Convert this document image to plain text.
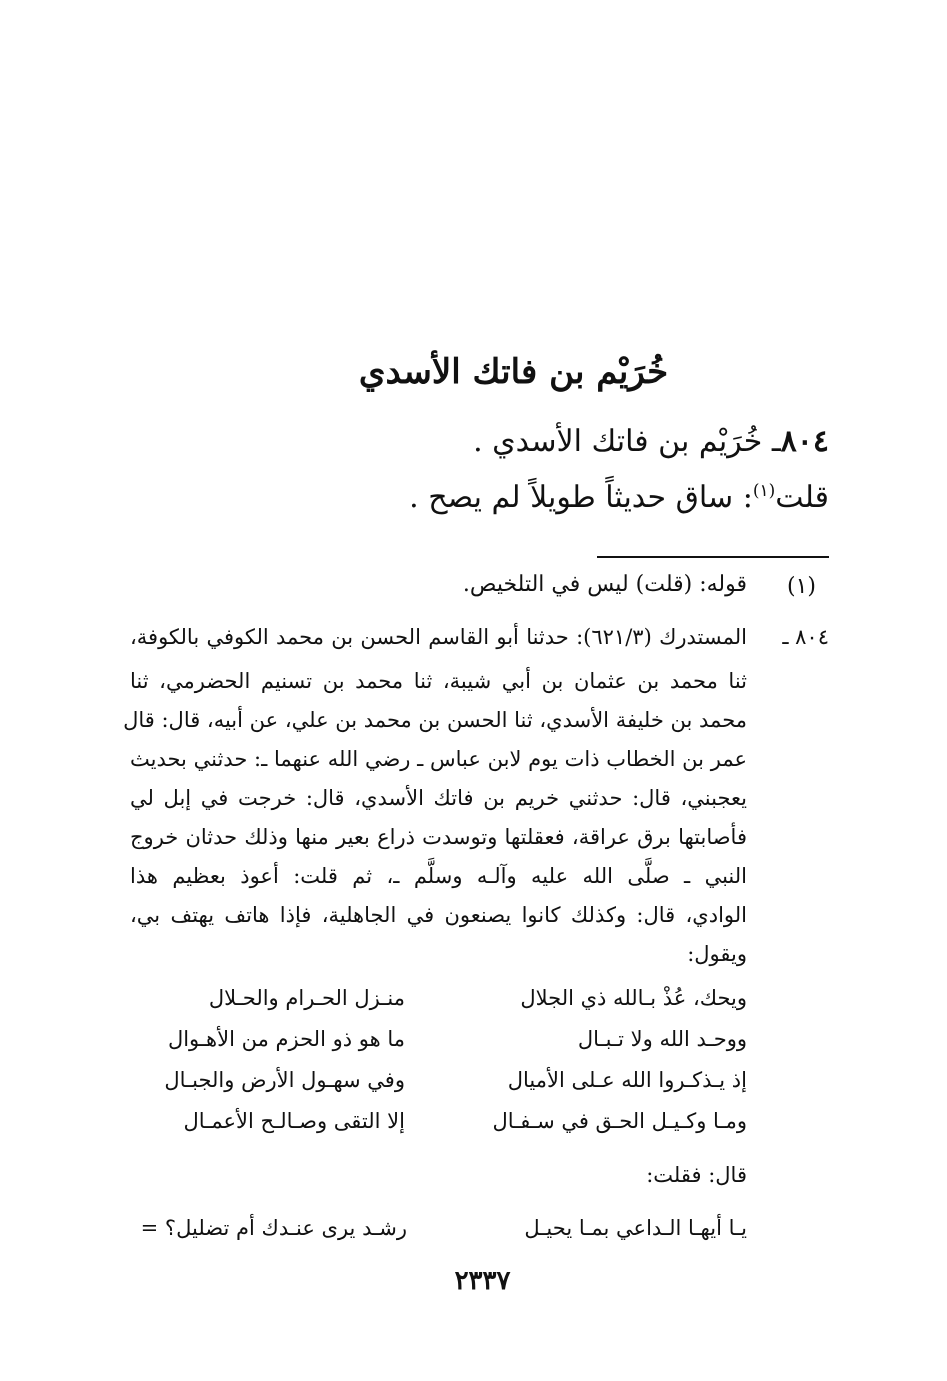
خُرَيْم بن فاتك الأسدي
٨٠٤ـ خُرَيْم بن فاتك الأسدي .
قلت$^{(١)}$: ساق حديثاً طويلاً لم يصح .
(١)
قوله: (قلت) ليس في التلخيص.
٨٠٤ ـ
المستدرك (٦٢١/٣): حدثنا أبو القاسم الحسن بن محمد الكوفي بالكوفة،
ثنا محمد بن عثمان بن أبي شيبة، ثنا محمد بن تسنيم الحضرمي، ثنا
محمد بن خليفة الأسدي، ثنا الحسن بن محمد بن علي، عن أبيه، قال: قال
عمر بن الخطاب ذات يوم لابن عباس ـ رضي الله عنهما ـ: حدثني بحديث
يعجبني، قال: حدثني خريم بن فاتك الأسدي، قال: خرجت في إبل لي
فأصابتها برق عراقة، فعقلتها وتوسدت ذراع بعير منها وذلك حدثان خروج
النبي ـ صلَّى الله عليه وآلـه وسلَّم ـ، ثم قلت: أعوذ بعظيم هذا
الوادي، قال: وكذلك كانوا يصنعون في الجاهلية، فإذا هاتف يهتف بي،
ويقول:
ويحك، عُذْ بـالله ذي الجلال
منـزل الحـرام والحـلال
ووحـد الله ولا تـبـال
ما هو ذو الحزم من الأهـوال
إذ يـذكـروا الله عـلى الأميال
وفي سهـول الأرض والجبـال
ومـا وكـيـل الحـق في سـفـال
إلا التقى وصـالـح الأعمـال
قال: فقلت:
يـا أيهـا الـداعي بمـا يحيـل
رشـد يرى عنـدك أم تضليل؟ =
٢٣٣٧
